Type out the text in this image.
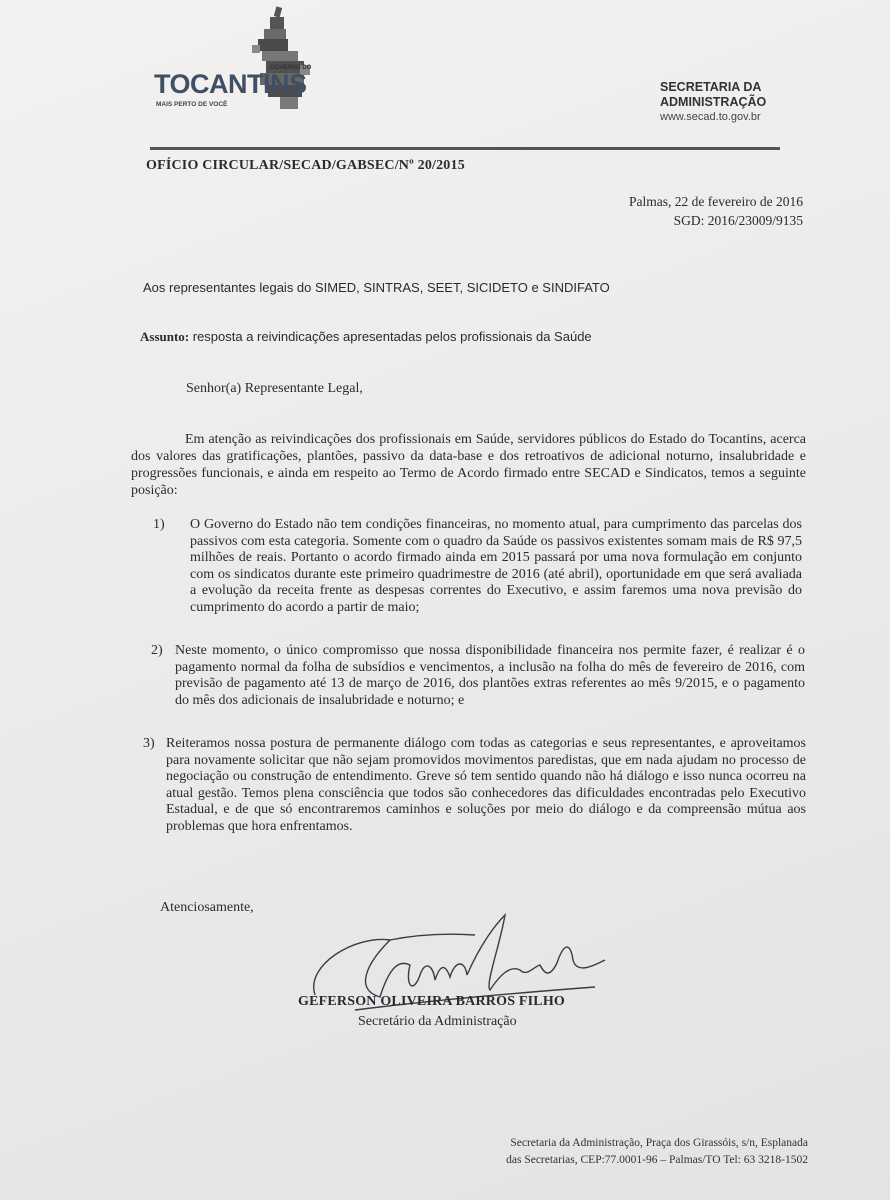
GOVERNO DO
TOCANTINS
MAIS PERTO DE VOCÊ
SECRETARIA DA ADMINISTRAÇÃO
www.secad.to.gov.br
OFÍCIO CIRCULAR/SECAD/GABSEC/Nº 20/2015
Palmas, 22 de fevereiro de 2016
SGD: 2016/23009/9135
Aos representantes legais do SIMED, SINTRAS, SEET, SICIDETO e SINDIFATO
Assunto: resposta a reivindicações apresentadas pelos profissionais da Saúde
Senhor(a) Representante Legal,
Em atenção as reivindicações dos profissionais em Saúde, servidores públicos do Estado do Tocantins, acerca dos valores das gratificações, plantões, passivo da data-base e dos retroativos de adicional noturno, insalubridade e progressões funcionais, e ainda em respeito ao Termo de Acordo firmado entre SECAD e Sindicatos, temos a seguinte posição:
1) O Governo do Estado não tem condições financeiras, no momento atual, para cumprimento das parcelas dos passivos com esta categoria. Somente com o quadro da Saúde os passivos existentes somam mais de R$ 97,5 milhões de reais. Portanto o acordo firmado ainda em 2015 passará por uma nova formulação em conjunto com os sindicatos durante este primeiro quadrimestre de 2016 (até abril), oportunidade em que será avaliada a evolução da receita frente as despesas correntes do Executivo, e assim faremos uma nova previsão do cumprimento do acordo a partir de maio;
2) Neste momento, o único compromisso que nossa disponibilidade financeira nos permite fazer, é realizar é o pagamento normal da folha de subsídios e vencimentos, a inclusão na folha do mês de fevereiro de 2016, com previsão de pagamento até 13 de março de 2016, dos plantões extras referentes ao mês 9/2015, e o pagamento do mês dos adicionais de insalubridade e noturno; e
3) Reiteramos nossa postura de permanente diálogo com todas as categorias e seus representantes, e aproveitamos para novamente solicitar que não sejam promovidos movimentos paredistas, que em nada ajudam no processo de negociação ou construção de entendimento. Greve só tem sentido quando não há diálogo e isso nunca ocorreu na atual gestão. Temos plena consciência que todos são conhecedores das dificuldades encontradas pelo Executivo Estadual, e de que só encontraremos caminhos e soluções por meio do diálogo e da compreensão mútua aos problemas que hora enfrentamos.
Atenciosamente,
GEFERSON OLIVEIRA BARROS FILHO
Secretário da Administração
Secretaria da Administração, Praça dos Girassóis, s/n, Esplanada
das Secretarias, CEP:77.0001-96 – Palmas/TO Tel: 63 3218-1502
